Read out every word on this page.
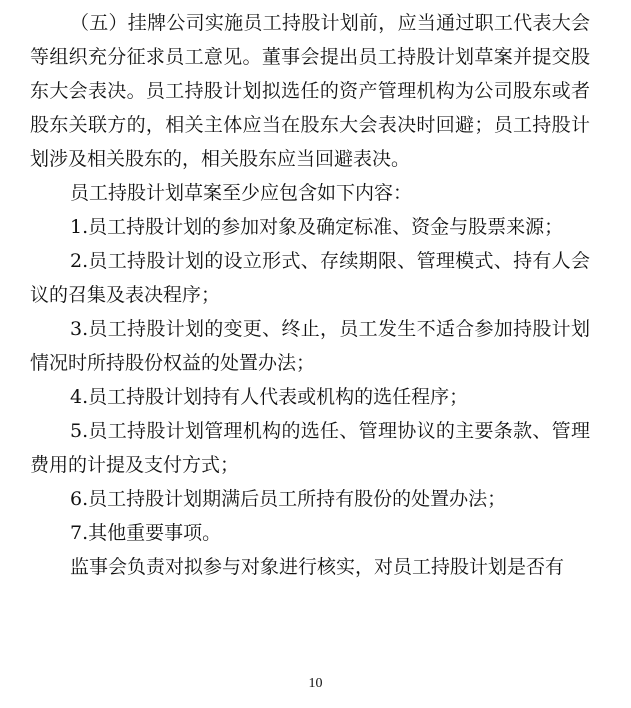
（五）挂牌公司实施员工持股计划前，应当通过职工代表大会等组织充分征求员工意见。董事会提出员工持股计划草案并提交股东大会表决。员工持股计划拟选任的资产管理机构为公司股东或者股东关联方的，相关主体应当在股东大会表决时回避；员工持股计划涉及相关股东的，相关股东应当回避表决。

员工持股计划草案至少应包含如下内容：

1.员工持股计划的参加对象及确定标准、资金与股票来源；

2.员工持股计划的设立形式、存续期限、管理模式、持有人会议的召集及表决程序；

3.员工持股计划的变更、终止，员工发生不适合参加持股计划情况时所持股份权益的处置办法；

4.员工持股计划持有人代表或机构的选任程序；

5.员工持股计划管理机构的选任、管理协议的主要条款、管理费用的计提及支付方式；

6.员工持股计划期满后员工所持有股份的处置办法；

7.其他重要事项。

监事会负责对拟参与对象进行核实，对员工持股计划是否有

10
